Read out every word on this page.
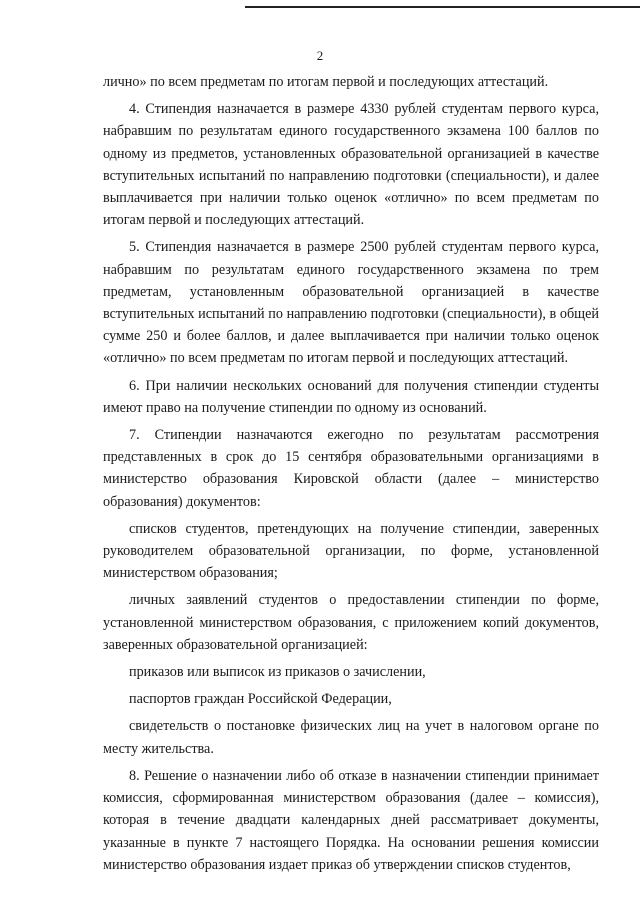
2

лично» по всем предметам по итогам первой и последующих аттестаций.

4. Стипендия назначается в размере 4330 рублей студентам первого курса, набравшим по результатам единого государственного экзамена 100 баллов по одному из предметов, установленных образовательной организацией в качестве вступительных испытаний по направлению подготовки (специальности), и далее выплачивается при наличии только оценок «отлично» по всем предметам по итогам первой и последующих аттестаций.

5. Стипендия назначается в размере 2500 рублей студентам первого курса, набравшим по результатам единого государственного экзамена по трем предметам, установленным образовательной организацией в качестве вступительных испытаний по направлению подготовки (специальности), в общей сумме 250 и более баллов, и далее выплачивается при наличии только оценок «отлично» по всем предметам по итогам первой и последующих аттестаций.

6. При наличии нескольких оснований для получения стипендии студенты имеют право на получение стипендии по одному из оснований.

7. Стипендии назначаются ежегодно по результатам рассмотрения представленных в срок до 15 сентября образовательными организациями в министерство образования Кировской области (далее – министерство образования) документов:

списков студентов, претендующих на получение стипендии, заверенных руководителем образовательной организации, по форме, установленной министерством образования;

личных заявлений студентов о предоставлении стипендии по форме, установленной министерством образования, с приложением копий документов, заверенных образовательной организацией:

приказов или выписок из приказов о зачислении,

паспортов граждан Российской Федерации,

свидетельств о постановке физических лиц на учет в налоговом органе по месту жительства.

8. Решение о назначении либо об отказе в назначении стипендии принимает комиссия, сформированная министерством образования (далее – комиссия), которая в течение двадцати календарных дней рассматривает документы, указанные в пункте 7 настоящего Порядка. На основании решения комиссии министерство образования издает приказ об утверждении списков студентов,
